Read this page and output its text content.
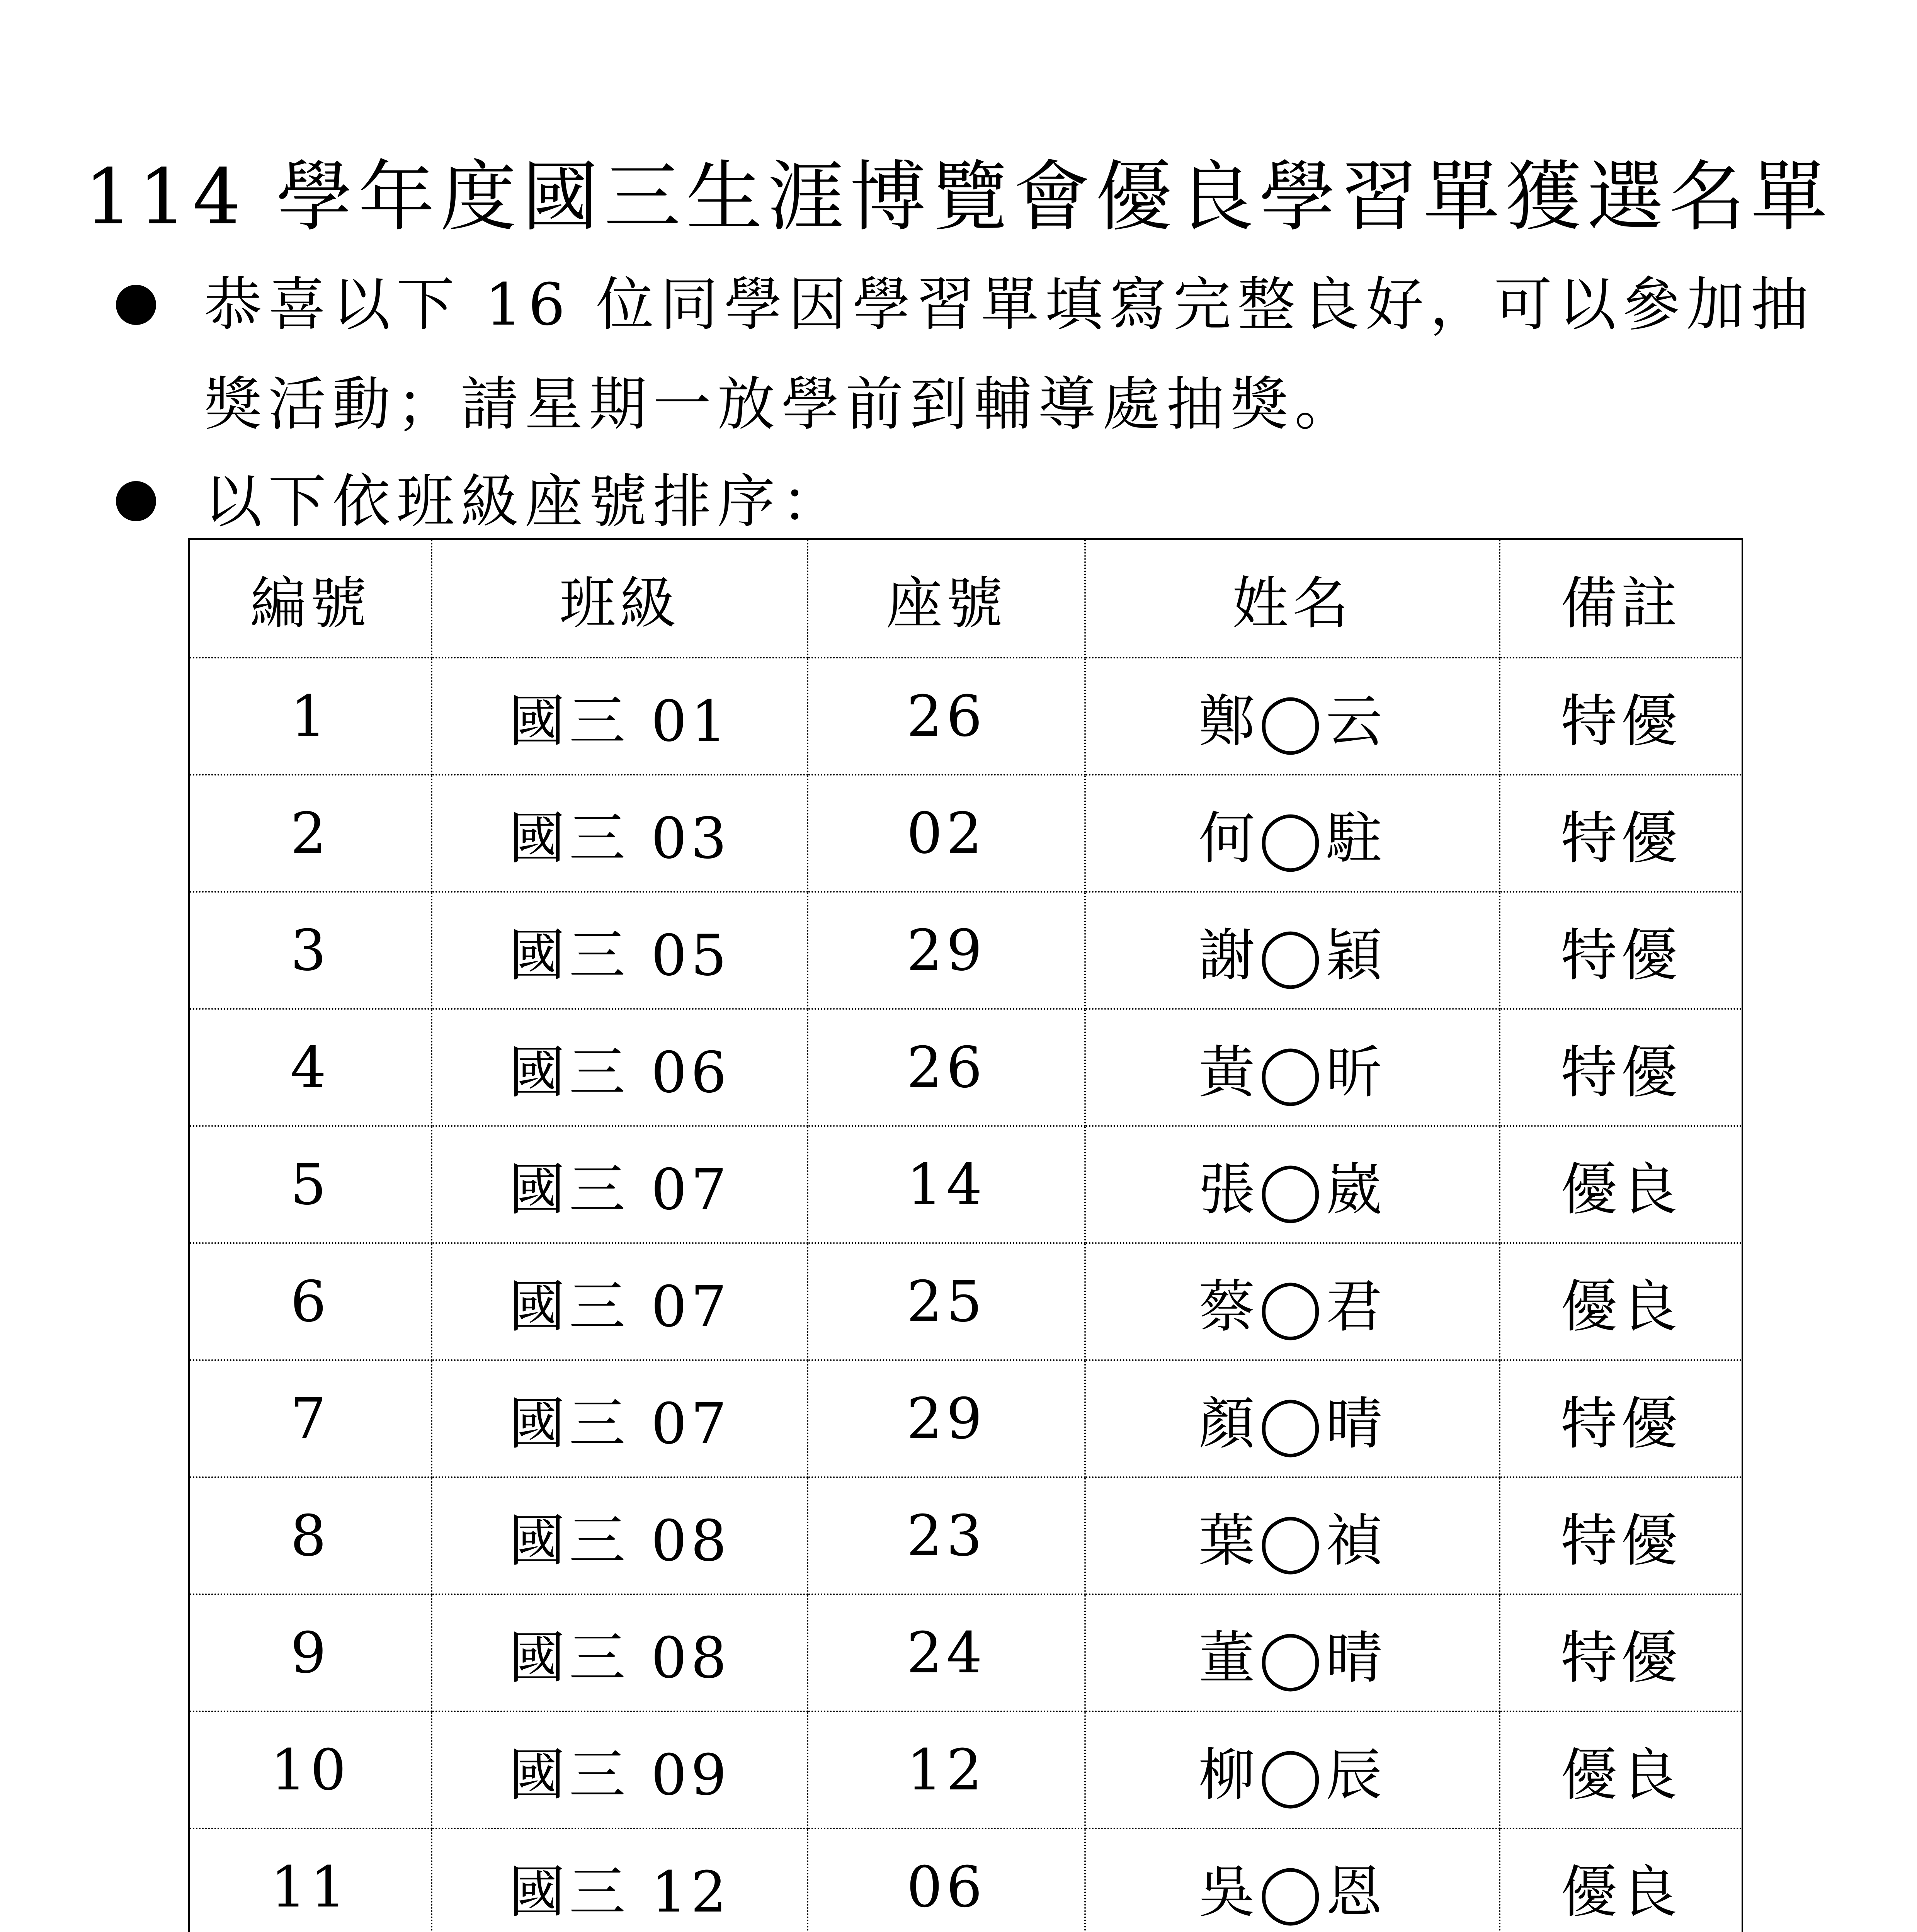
114 學年度國三生涯博覽會優良學習單獲選名單
恭喜以下 16 位同學因學習單填寫完整良好，可以參加抽
獎活動；請星期一放學前到輔導處抽獎。
以下依班級座號排序：
編號	班級	座號	姓名	備註
1	國三 01	26	鄭◯云	特優
2	國三 03	02	何◯駐	特優
3	國三 05	29	謝◯穎	特優
4	國三 06	26	黃◯昕	特優
5	國三 07	14	張◯崴	優良
6	國三 07	25	蔡◯君	優良
7	國三 07	29	顏◯晴	特優
8	國三 08	23	葉◯禎	特優
9	國三 08	24	董◯晴	特優
10	國三 09	12	柳◯辰	優良
11	國三 12	06	吳◯恩	優良
